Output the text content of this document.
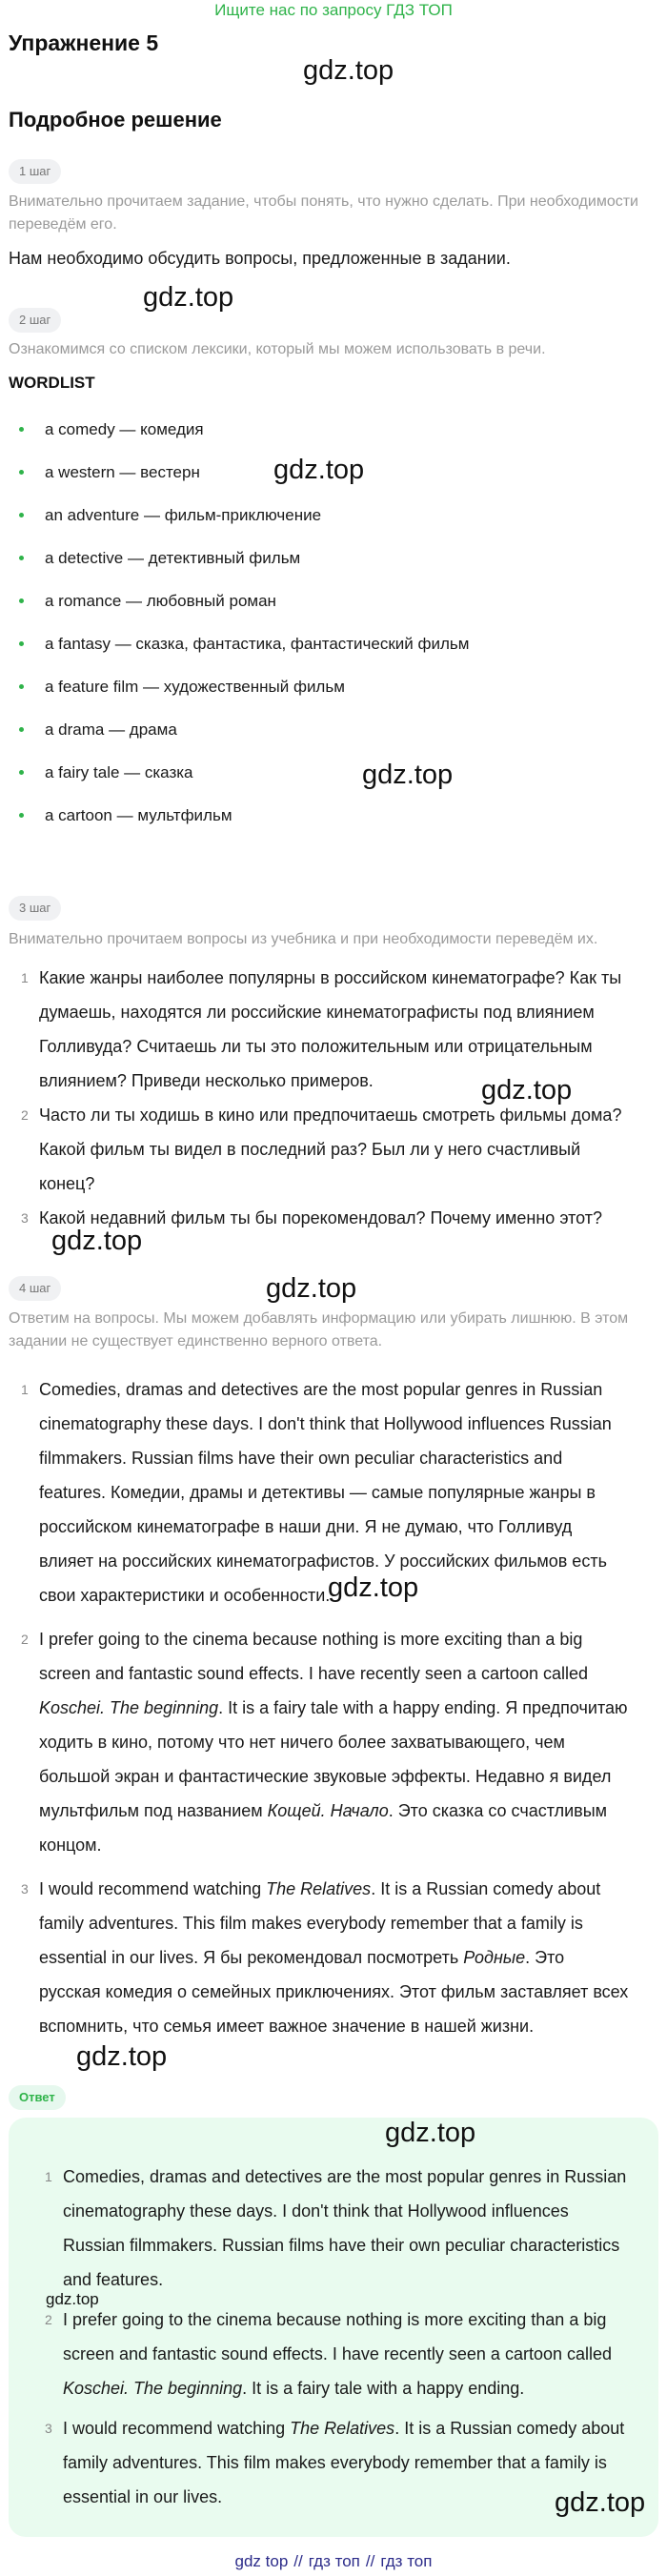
Ищите нас по запросу ГДЗ ТОП
Упражнение 5
gdz.top
Подробное решение
1 шаг

Внимательно прочитаем задание, чтобы понять, что нужно сделать. При необходимости переведём его.

Нам необходимо обсудить вопросы, предложенные в задании.

gdz.top
2 шаг

Ознакомимся со списком лексики, который мы можем использовать в речи.

WORDLIST
a comedy — комедия
a western — вестерн
an adventure — фильм-приключение
a detective — детективный фильм
a romance — любовный роман
a fantasy — сказка, фантастика, фантастический фильм
a feature film — художественный фильм
a drama — драма
a fairy tale — сказка
a cartoon — мультфильм
gdz.top
gdz.top
3 шаг

Внимательно прочитаем вопросы из учебника и при необходимости переведём их.

1 Какие жанры наиболее популярны в российском кинематографе? Как ты думаешь, находятся ли российские кинематографисты под влиянием Голливуда? Считаешь ли ты это положительным или отрицательным влиянием? Приведи несколько примеров.
2 Часто ли ты ходишь в кино или предпочитаешь смотреть фильмы дома? Какой фильм ты видел в последний раз? Был ли у него счастливый конец?
3 Какой недавний фильм ты бы порекомендовал? Почему именно этот?
gdz.top
gdz.top
gdz.top
4 шаг

Ответим на вопросы. Мы можем добавлять информацию или убирать лишнюю. В этом задании не существует единственно верного ответа.

1 Comedies, dramas and detectives are the most popular genres in Russian cinematography these days. I don't think that Hollywood influences Russian filmmakers. Russian films have their own peculiar characteristics and features. Комедии, драмы и детективы — самые популярные жанры в российском кинематографе в наши дни. Я не думаю, что Голливуд влияет на российских кинематографистов. У российских фильмов есть свои характеристики и особенности.
2 I prefer going to the cinema because nothing is more exciting than a big screen and fantastic sound effects. I have recently seen a cartoon called Koschei. The beginning. It is a fairy tale with a happy ending. Я предпочитаю ходить в кино, потому что нет ничего более захватывающего, чем большой экран и фантастические звуковые эффекты. Недавно я видел мультфильм под названием Кощей. Начало. Это сказка со счастливым концом.
3 I would recommend watching The Relatives. It is a Russian comedy about family adventures. This film makes everybody remember that a family is essential in our lives. Я бы рекомендовал посмотреть Родные. Это русская комедия о семейных приключениях. Этот фильм заставляет всех вспомнить, что семья имеет важное значение в нашей жизни.
gdz.top
gdz.top
Ответ
gdz.top
1 Comedies, dramas and detectives are the most popular genres in Russian cinematography these days. I don't think that Hollywood influences Russian filmmakers. Russian films have their own peculiar characteristics and features.
2 I prefer going to the cinema because nothing is more exciting than a big screen and fantastic sound effects. I have recently seen a cartoon called Koschei. The beginning. It is a fairy tale with a happy ending.
3 I would recommend watching The Relatives. It is a Russian comedy about family adventures. This film makes everybody remember that a family is essential in our lives.
gdz.top
gdz.top
gdz top // гдз топ // гдз топ
